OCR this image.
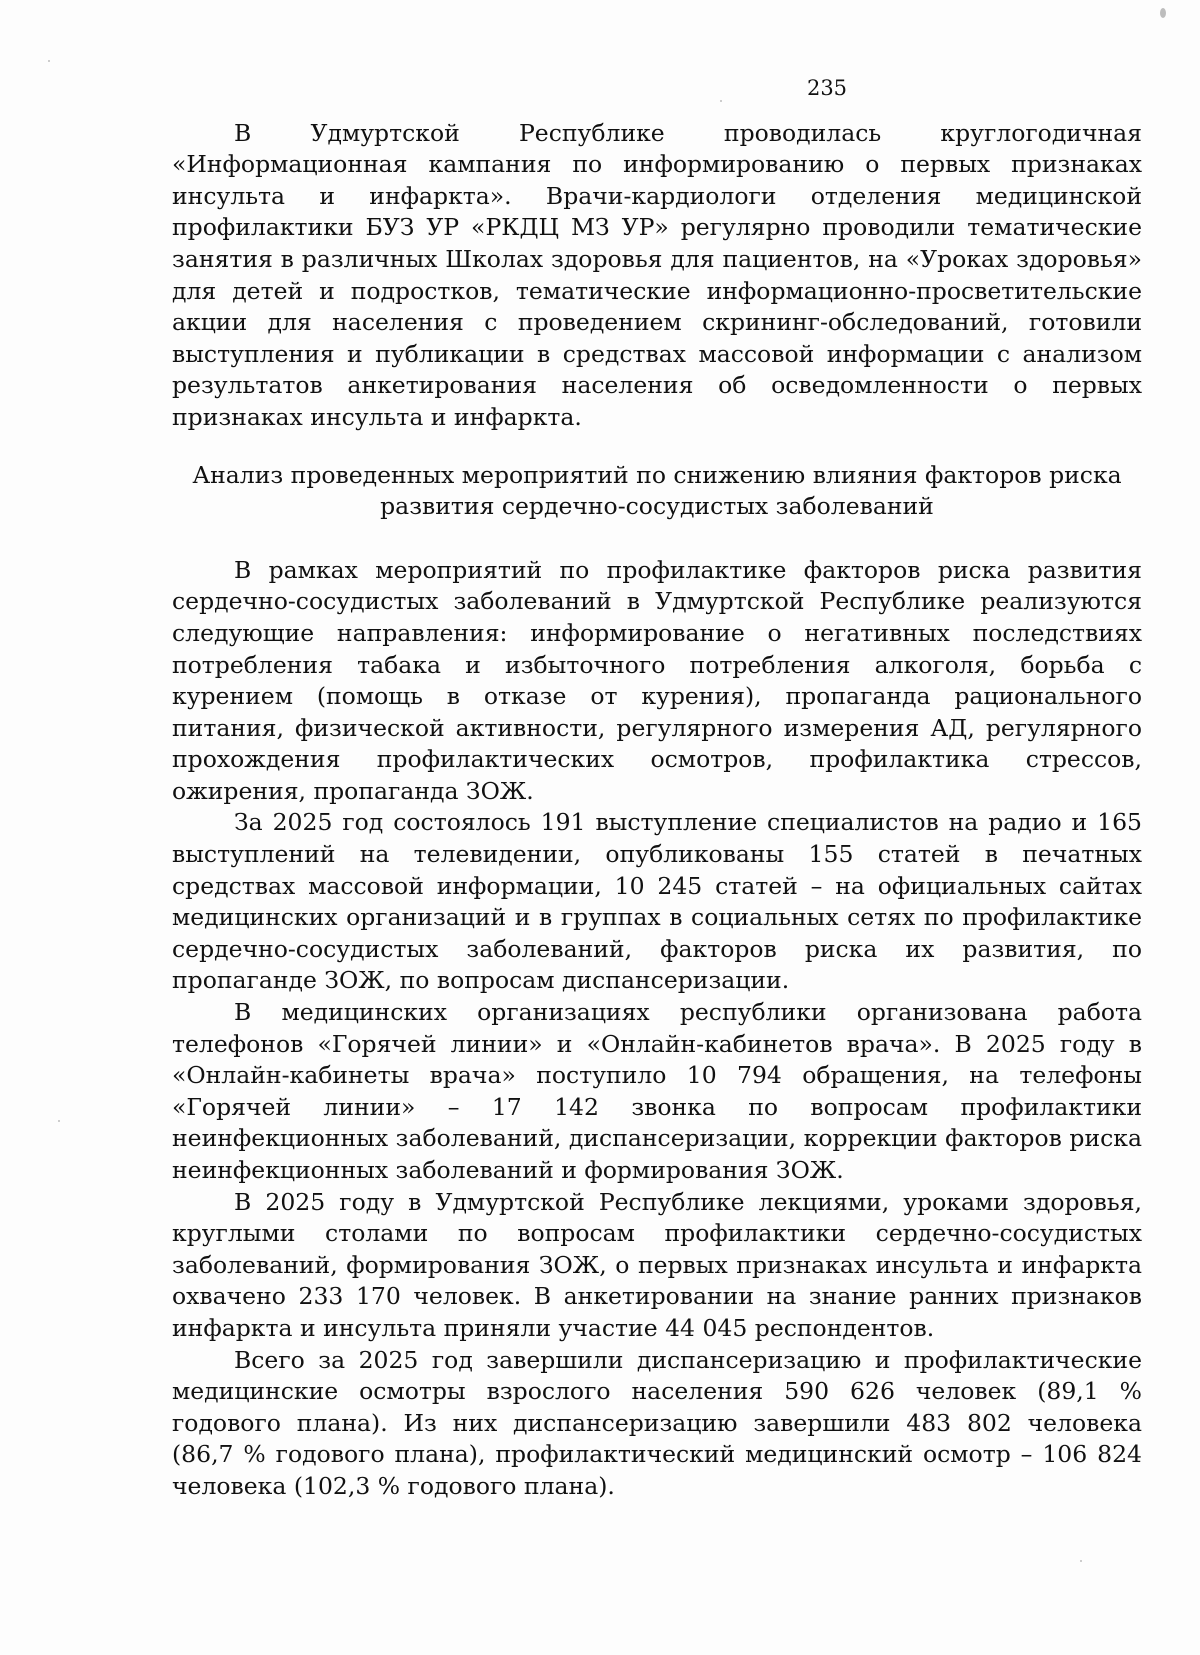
235

В Удмуртской Республике проводилась круглогодичная «Информационная кампания по информированию о первых признаках инсульта и инфаркта». Врачи-кардиологи отделения медицинской профилактики БУЗ УР «РКДЦ МЗ УР» регулярно проводили тематические занятия в различных Школах здоровья для пациентов, на «Уроках здоровья» для детей и подростков, тематические информационно-просветительские акции для населения с проведением скрининг-обследований, готовили выступления и публикации в средствах массовой информации с анализом результатов анкетирования населения об осведомленности о первых признаках инсульта и инфаркта.

Анализ проведенных мероприятий по снижению влияния факторов риска развития сердечно-сосудистых заболеваний

В рамках мероприятий по профилактике факторов риска развития сердечно-сосудистых заболеваний в Удмуртской Республике реализуются следующие направления: информирование о негативных последствиях потребления табака и избыточного потребления алкоголя, борьба с курением (помощь в отказе от курения), пропаганда рационального питания, физической активности, регулярного измерения АД, регулярного прохождения профилактических осмотров, профилактика стрессов, ожирения, пропаганда ЗОЖ.

За 2025 год состоялось 191 выступление специалистов на радио и 165 выступлений на телевидении, опубликованы 155 статей в печатных средствах массовой информации, 10 245 статей – на официальных сайтах медицинских организаций и в группах в социальных сетях по профилактике сердечно-сосудистых заболеваний, факторов риска их развития, по пропаганде ЗОЖ, по вопросам диспансеризации.

В медицинских организациях республики организована работа телефонов «Горячей линии» и «Онлайн-кабинетов врача». В 2025 году в «Онлайн-кабинеты врача» поступило 10 794 обращения, на телефоны «Горячей линии» – 17 142 звонка по вопросам профилактики неинфекционных заболеваний, диспансеризации, коррекции факторов риска неинфекционных заболеваний и формирования ЗОЖ.

В 2025 году в Удмуртской Республике лекциями, уроками здоровья, круглыми столами по вопросам профилактики сердечно-сосудистых заболеваний, формирования ЗОЖ, о первых признаках инсульта и инфаркта охвачено 233 170 человек. В анкетировании на знание ранних признаков инфаркта и инсульта приняли участие 44 045 респондентов.

Всего за 2025 год завершили диспансеризацию и профилактические медицинские осмотры взрослого населения 590 626 человек (89,1 % годового плана). Из них диспансеризацию завершили 483 802 человека (86,7 % годового плана), профилактический медицинский осмотр – 106 824 человека (102,3 % годового плана).
